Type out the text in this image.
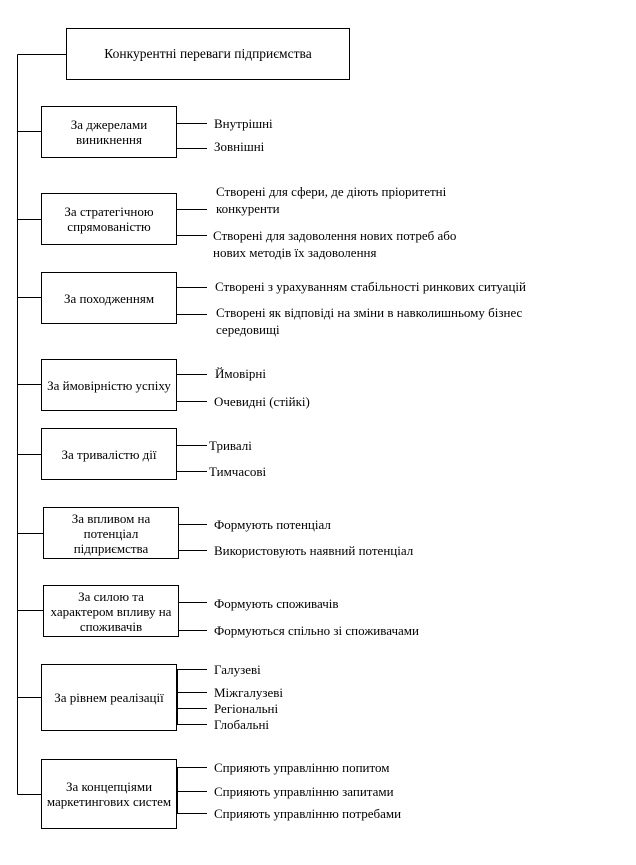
Конкурентні переваги підприємства
За джерелами виникнення
За стратегічною спрямованістю
За походженням
За ймовірністю успіху
За тривалістю дії
За впливом на потенціал підприємства
За силою та характером впливу на споживачів
За рівнем реалізації
За концепціями маркетингових систем
Внутрішні
Зовнішні
Створені для сфери, де діють пріоритетні конкуренти
Створені для задоволення нових потреб або нових методів їх задоволення
Створені з урахуванням стабільності ринкових ситуацій
Створені як відповіді на зміни в навколишньому бізнес середовищі
Ймовірні
Очевидні (стійкі)
Тривалі
Тимчасові
Формують потенціал
Використовують наявний потенціал
Формують споживачів
Формуються спільно зі споживачами
Галузеві
Міжгалузеві
Регіональні
Глобальні
Сприяють управлінню попитом
Сприяють управлінню запитами
Сприяють управлінню потребами
